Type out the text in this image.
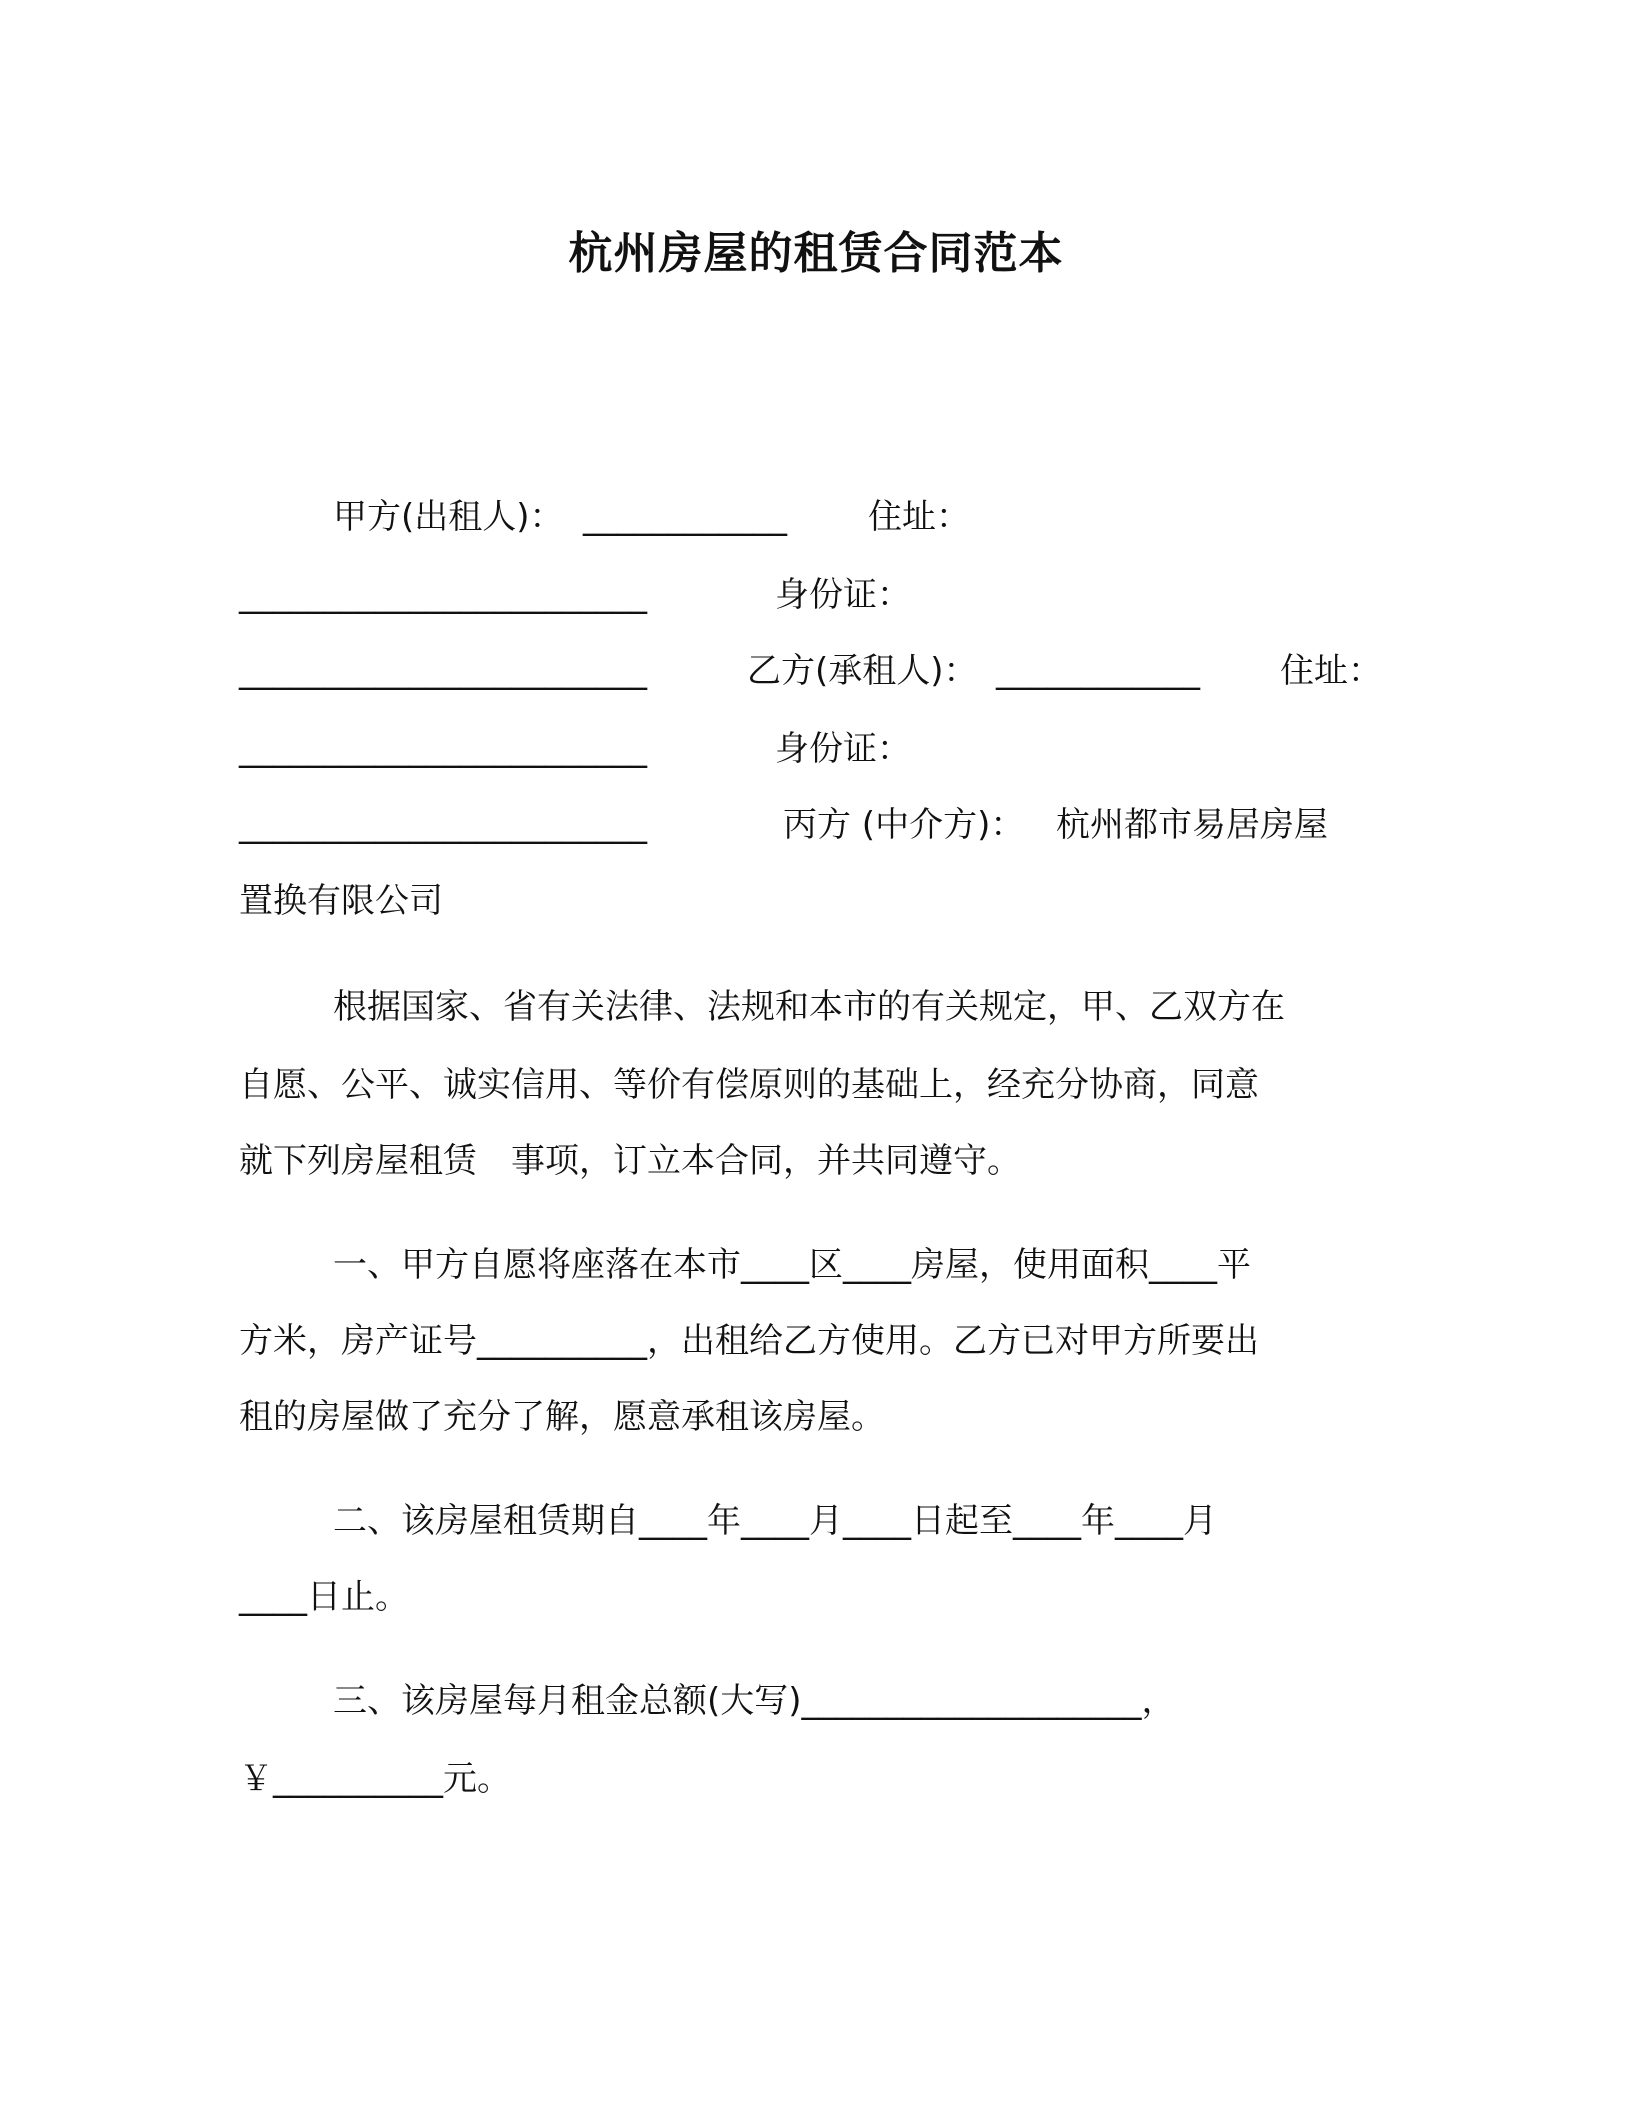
杭州房屋的租赁合同范本
甲方(出租人)： ____________ 住址：
________________________	身份证：
________________________	乙方(承租人)： ____________ 住址：
________________________	身份证：
________________________	丙方 (中介方)： 杭州都市易居房屋
置换有限公司
根据国家、省有关法律、法规和本市的有关规定，甲、乙双方在
自愿、公平、诚实信用、等价有偿原则的基础上，经充分协商，同意
就下列房屋租赁　事项，订立本合同，并共同遵守。
一、甲方自愿将座落在本市____区____房屋，使用面积____平
方米，房产证号__________，出租给乙方使用。乙方已对甲方所要出
租的房屋做了充分了解，愿意承租该房屋。
二、该房屋租赁期自____年____月____日起至____年____月
____日止。
三、该房屋每月租金总额(大写)____________________，
￥__________元。
